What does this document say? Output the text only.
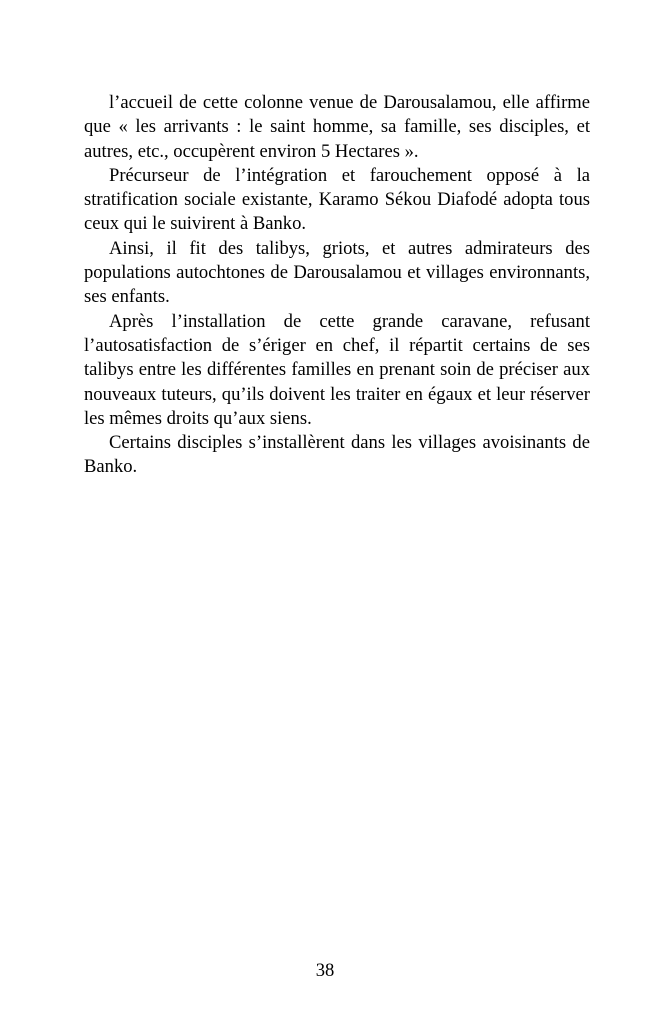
l’accueil de cette colonne venue de Darousalamou, elle affirme que « les arrivants : le saint homme, sa famille, ses disciples, et autres, etc., occupèrent environ 5 Hectares ».

Précurseur de l’intégration et farouchement opposé à la stratification sociale existante, Karamo Sékou Diafodé adopta tous ceux qui le suivirent à Banko.

Ainsi, il fit des talibys, griots, et autres admirateurs des populations autochtones de Darousalamou et villages environnants, ses enfants.

Après l’installation de cette grande caravane, refusant l’autosatisfaction de s’ériger en chef, il répartit certains de ses talibys entre les différentes familles en prenant soin de préciser aux nouveaux tuteurs, qu’ils doivent les traiter en égaux et leur réserver les mêmes droits qu’aux siens.

Certains disciples s’installèrent dans les villages avoisinants de Banko.

38
